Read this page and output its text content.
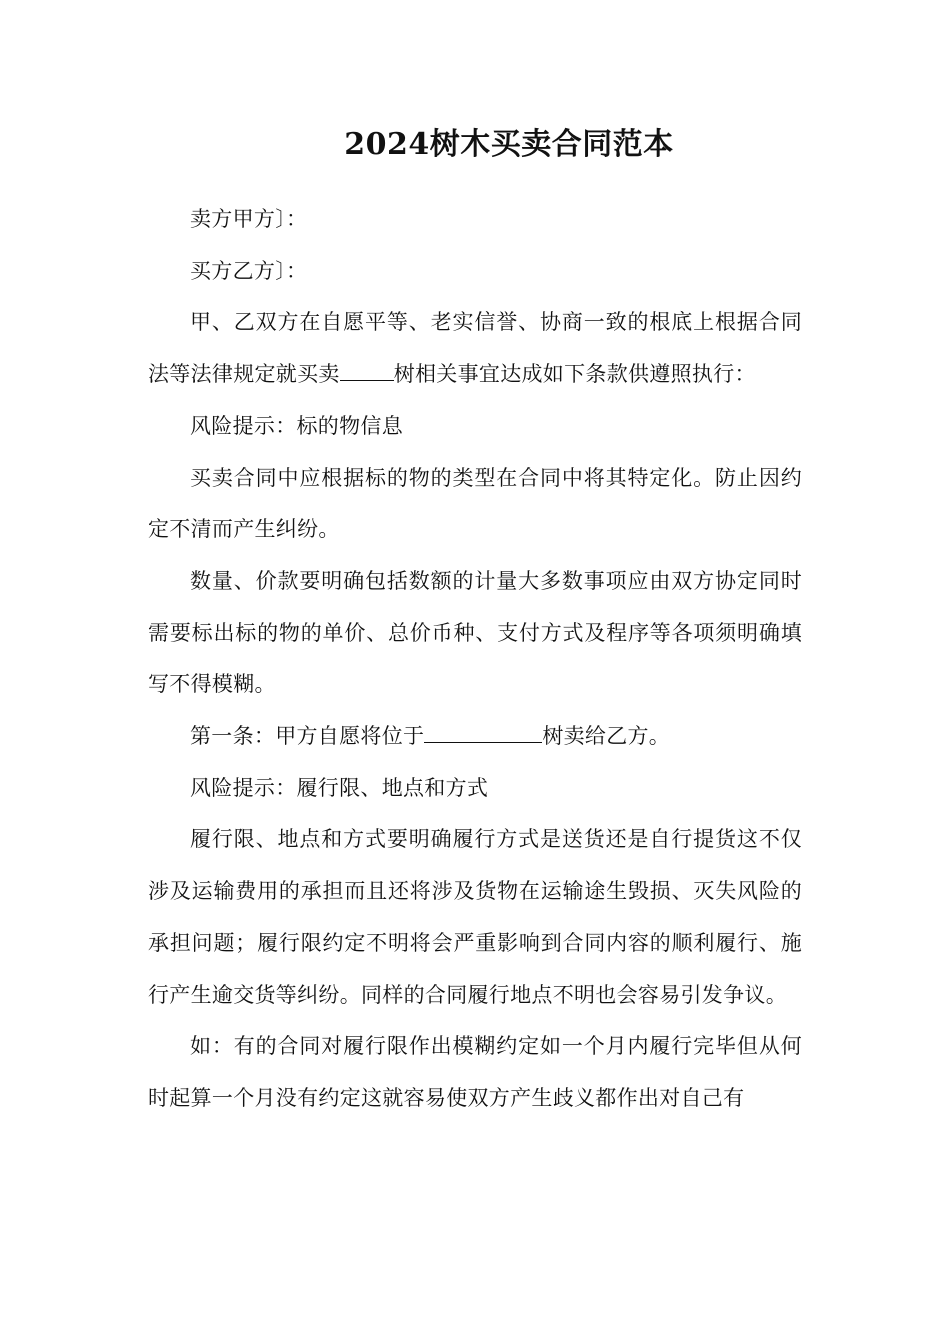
2024树木买卖合同范本

卖方甲方〕：

买方乙方〕：

甲、乙双方在自愿平等、老实信誉、协商一致的根底上根据合同法等法律规定就买卖	树相关事宜达成如下条款供遵照执行：

风险提示：标的物信息

买卖合同中应根据标的物的类型在合同中将其特定化。防止因约定不清而产生纠纷。

数量、价款要明确包括数额的计量大多数事项应由双方协定同时需要标出标的物的单价、总价币种、支付方式及程序等各项须明确填写不得模糊。

第一条：甲方自愿将位于	树卖给乙方。

风险提示：履行限、地点和方式

履行限、地点和方式要明确履行方式是送货还是自行提货这不仅涉及运输费用的承担而且还将涉及货物在运输途生毁损、灭失风险的承担问题；履行限约定不明将会严重影响到合同内容的顺利履行、施行产生逾交货等纠纷。同样的合同履行地点不明也会容易引发争议。

如：有的合同对履行限作出模糊约定如一个月内履行完毕但从何时起算一个月没有约定这就容易使双方产生歧义都作出对自己有
